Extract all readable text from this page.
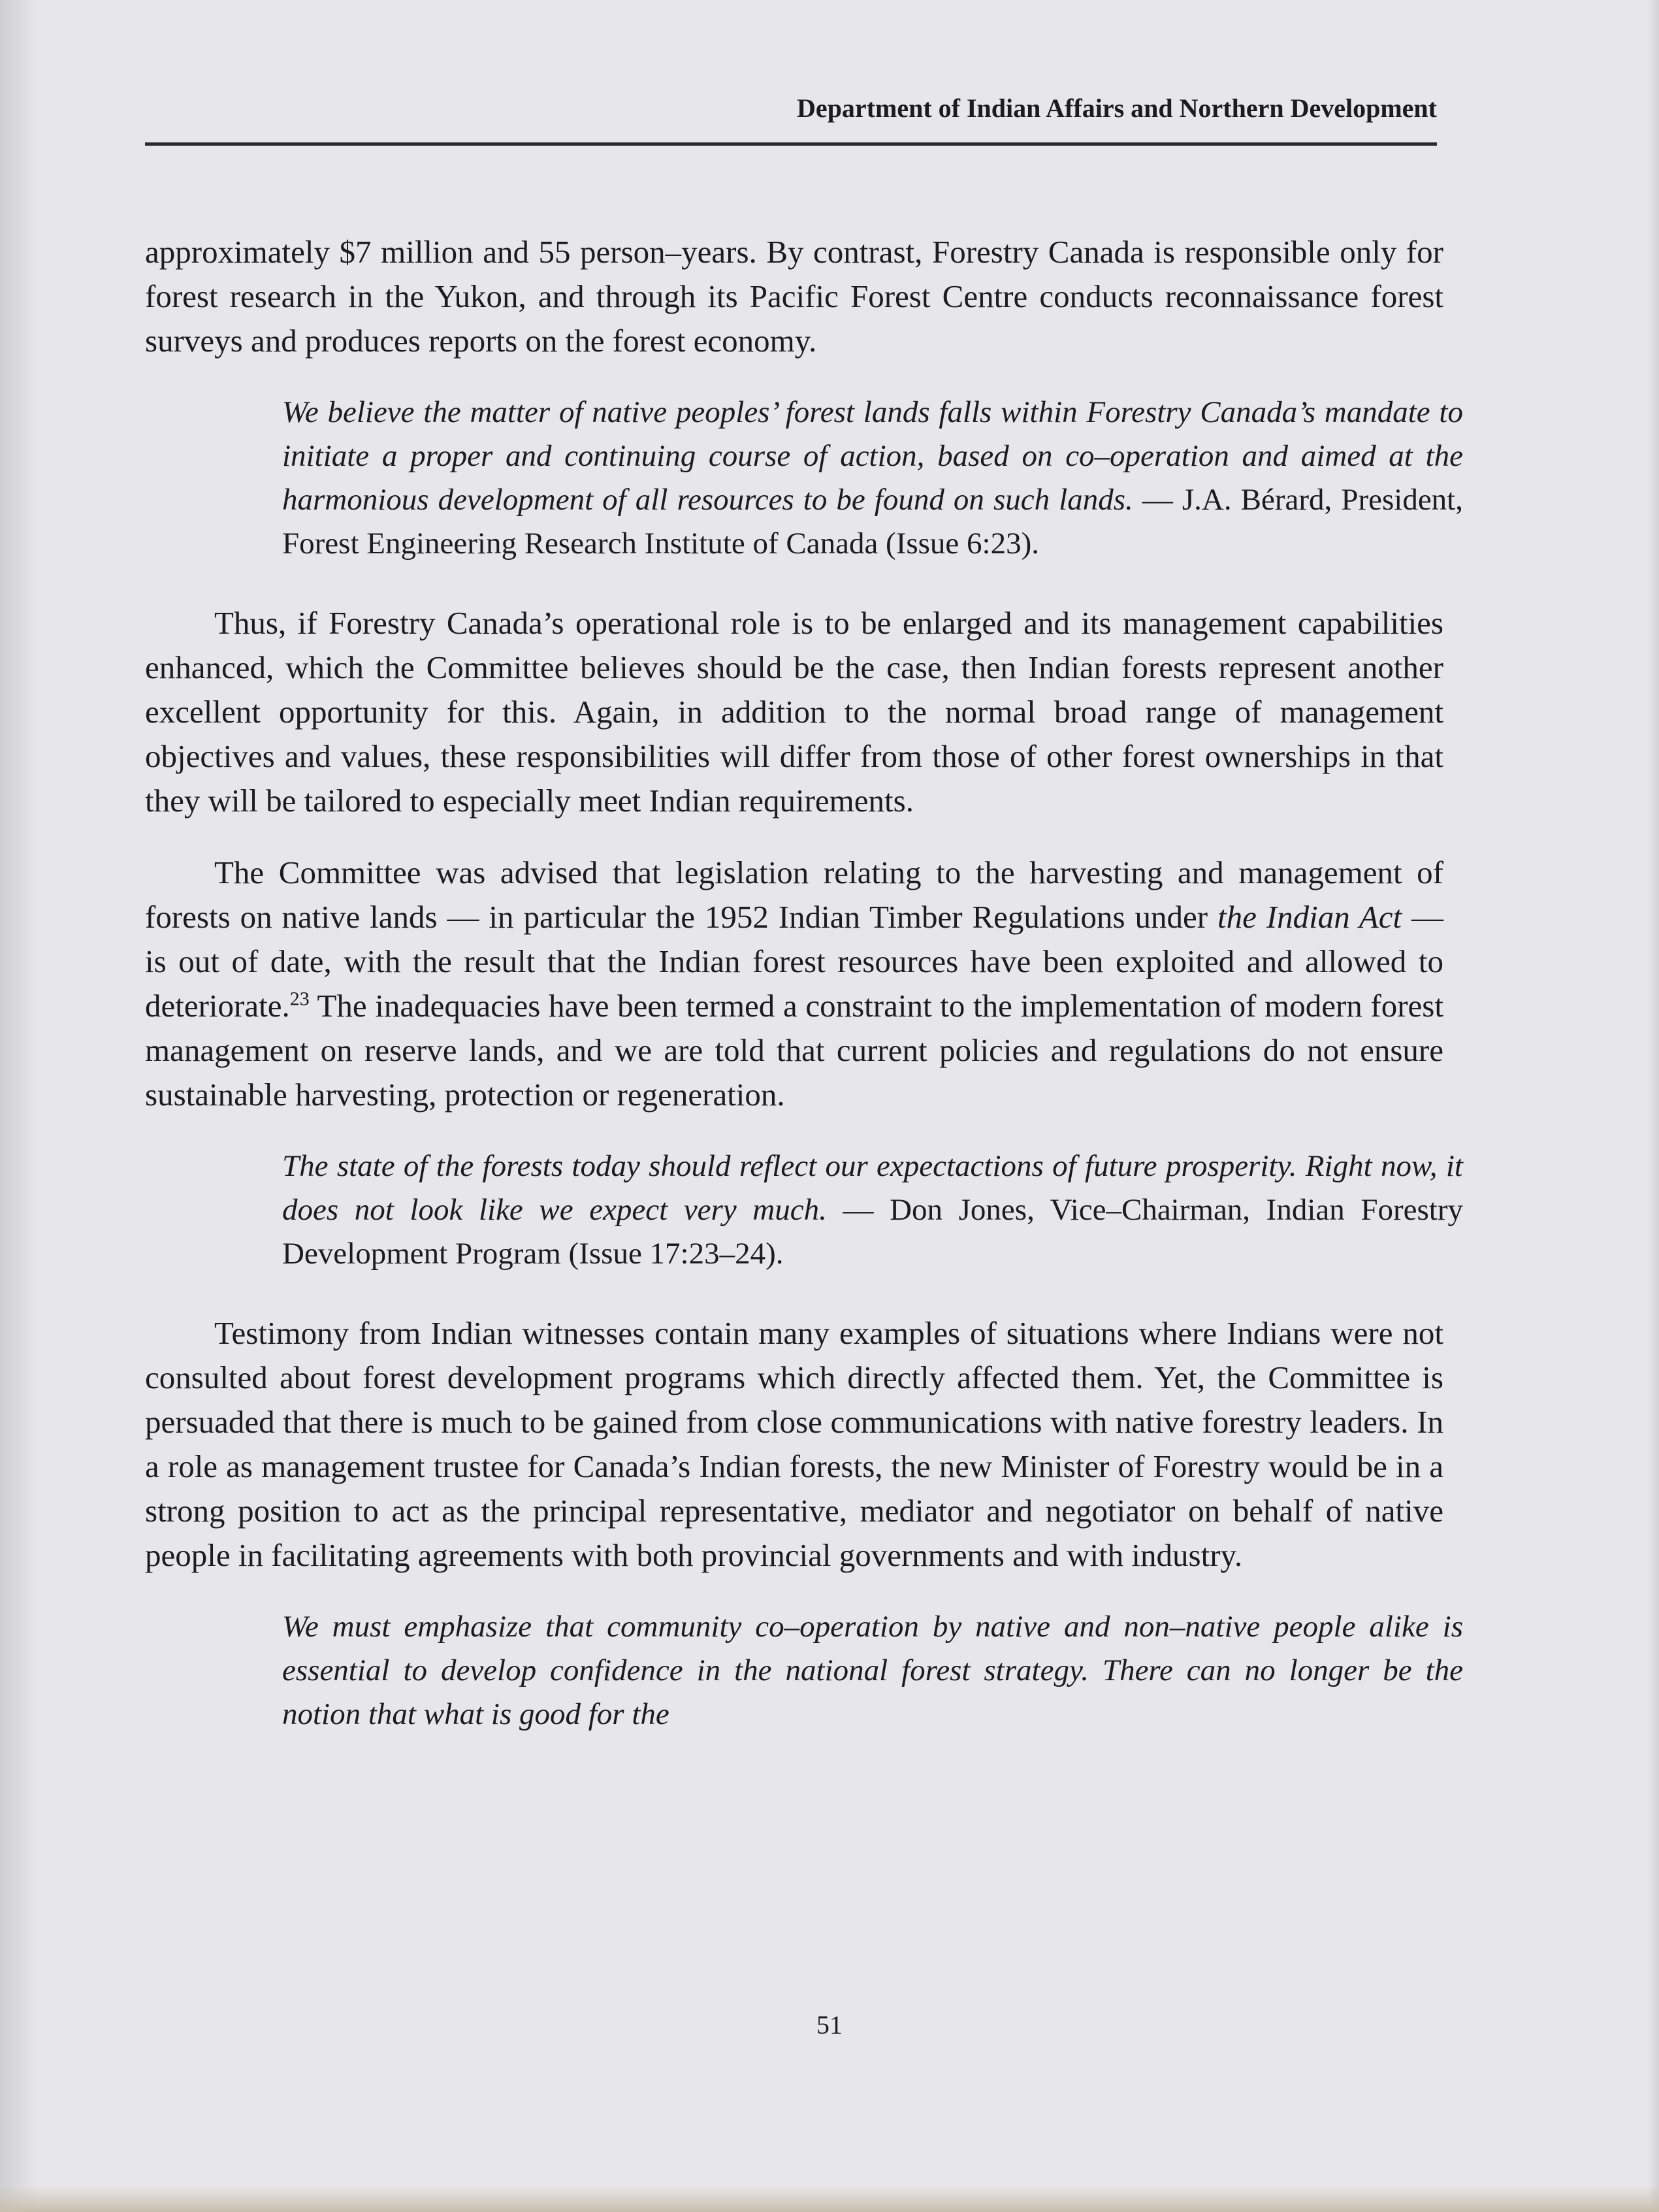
Department of Indian Affairs and Northern Development

approximately $7 million and 55 person–years. By contrast, Forestry Canada is responsible only for forest research in the Yukon, and through its Pacific Forest Centre conducts reconnaissance forest surveys and produces reports on the forest economy.

We believe the matter of native peoples’ forest lands falls within Forestry Canada’s mandate to initiate a proper and continuing course of action, based on co–operation and aimed at the harmonious development of all resources to be found on such lands. — J.A. Bérard, President, Forest Engineering Research Institute of Canada (Issue 6:23).

Thus, if Forestry Canada’s operational role is to be enlarged and its management capabilities enhanced, which the Committee believes should be the case, then Indian forests represent another excellent opportunity for this. Again, in addition to the normal broad range of management objectives and values, these responsibilities will differ from those of other forest ownerships in that they will be tailored to especially meet Indian requirements.

The Committee was advised that legislation relating to the harvesting and management of forests on native lands — in particular the 1952 Indian Timber Regulations under the Indian Act — is out of date, with the result that the Indian forest resources have been exploited and allowed to deteriorate.$^{23}$ The inadequacies have been termed a constraint to the implementation of modern forest management on reserve lands, and we are told that current policies and regulations do not ensure sustainable harvesting, protection or regeneration.

The state of the forests today should reflect our expectactions of future prosperity. Right now, it does not look like we expect very much. — Don Jones, Vice–Chairman, Indian Forestry Development Program (Issue 17:23–24).

Testimony from Indian witnesses contain many examples of situations where Indians were not consulted about forest development programs which directly affected them. Yet, the Committee is persuaded that there is much to be gained from close communications with native forestry leaders. In a role as management trustee for Canada’s Indian forests, the new Minister of Forestry would be in a strong position to act as the principal representative, mediator and negotiator on behalf of native people in facilitating agreements with both provincial governments and with industry.

We must emphasize that community co–operation by native and non–native people alike is essential to develop confidence in the national forest strategy. There can no longer be the notion that what is good for the

51
